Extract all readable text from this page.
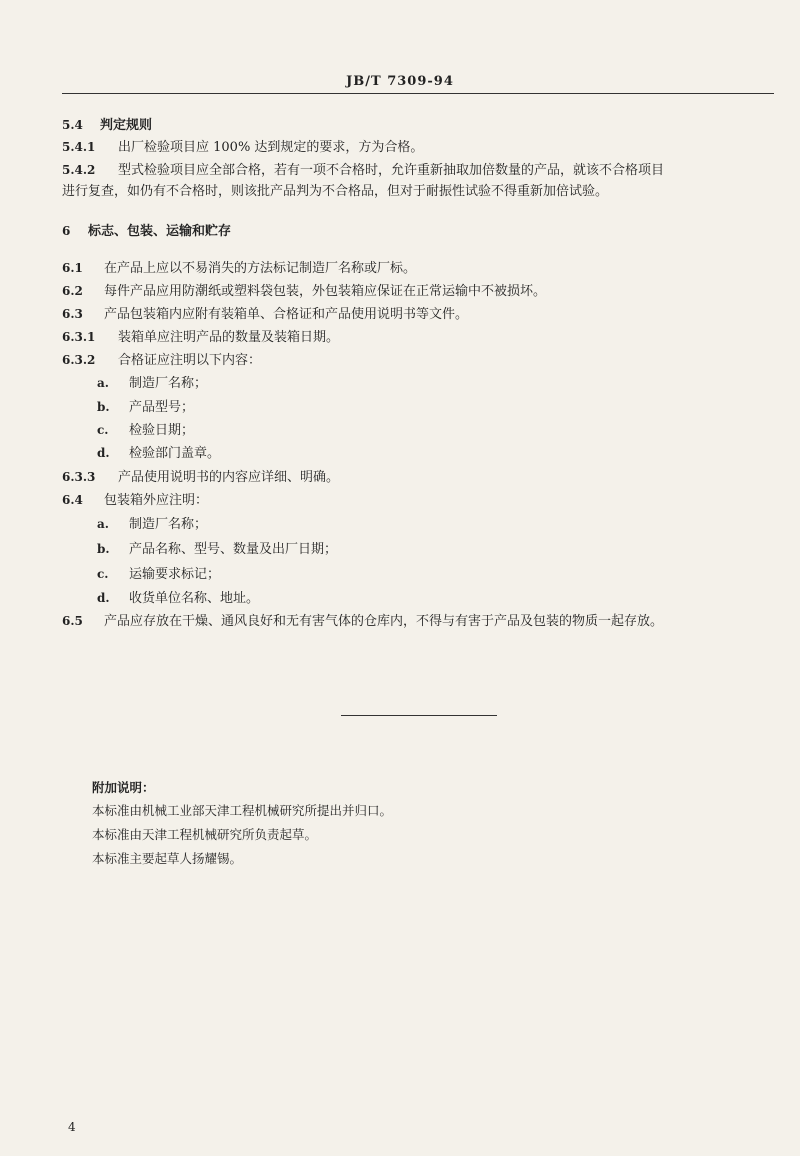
JB/T 7309-94
5.4 判定规则
5.4.1 出厂检验项目应 100% 达到规定的要求，方为合格。
5.4.2 型式检验项目应全部合格，若有一项不合格时，允许重新抽取加倍数量的产品，就该不合格项目
进行复查，如仍有不合格时，则该批产品判为不合格品，但对于耐振性试验不得重新加倍试验。
6 标志、包装、运输和贮存
6.1 在产品上应以不易消失的方法标记制造厂名称或厂标。
6.2 每件产品应用防潮纸或塑料袋包装，外包装箱应保证在正常运输中不被损坏。
6.3 产品包装箱内应附有装箱单、合格证和产品使用说明书等文件。
6.3.1 装箱单应注明产品的数量及装箱日期。
6.3.2 合格证应注明以下内容：
a. 制造厂名称；
b. 产品型号；
c. 检验日期；
d. 检验部门盖章。
6.3.3 产品使用说明书的内容应详细、明确。
6.4 包装箱外应注明：
a. 制造厂名称；
b. 产品名称、型号、数量及出厂日期；
c. 运输要求标记；
d. 收货单位名称、地址。
6.5 产品应存放在干燥、通风良好和无有害气体的仓库内，不得与有害于产品及包装的物质一起存放。
附加说明：
本标准由机械工业部天津工程机械研究所提出并归口。
本标准由天津工程机械研究所负责起草。
本标准主要起草人扬耀锡。
4
